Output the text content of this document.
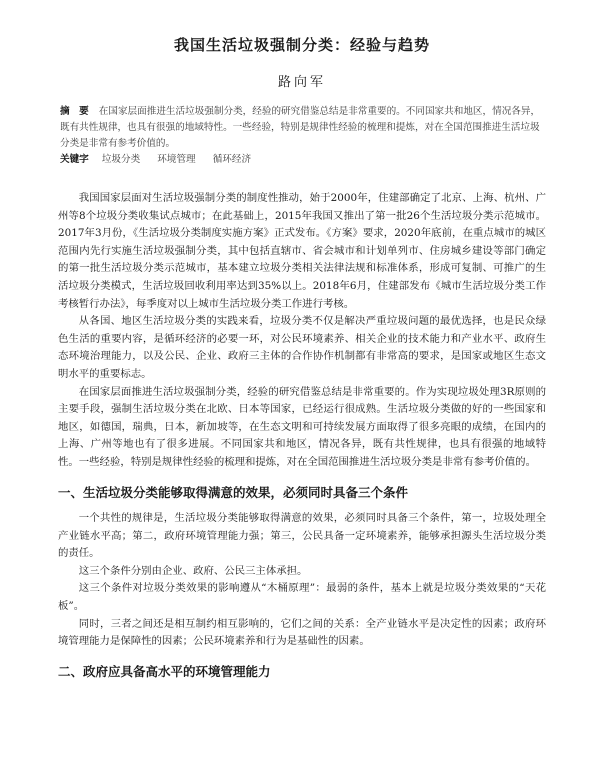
我国生活垃圾强制分类：经验与趋势
路向军
摘　要 在国家层面推进生活垃圾强制分类，经验的研究借鉴总结是非常重要的。不同国家共和地区，情况各异，既有共性规律，也具有很强的地域特性。一些经验，特别是规律性经验的梳理和提炼，对在全国范围推进生活垃圾分类是非常有参考价值的。
关键字 垃圾分类 环境管理 循环经济

我国国家层面对生活垃圾强制分类的制度性推动，始于2000年，住建部确定了北京、上海、杭州、广州等8个垃圾分类收集试点城市；在此基础上，2015年我国又推出了第一批26个生活垃圾分类示范城市。2017年3月份，《生活垃圾分类制度实施方案》正式发布。《方案》要求，2020年底前，在重点城市的城区范围内先行实施生活垃圾强制分类，其中包括直辖市、省会城市和计划单列市、住房城乡建设等部门确定的第一批生活垃圾分类示范城市，基本建立垃圾分类相关法律法规和标准体系，形成可复制、可推广的生活垃圾分类模式，生活垃圾回收利用率达到35%以上。2018年6月，住建部发布《城市生活垃圾分类工作考核暂行办法》，每季度对以上城市生活垃圾分类工作进行考核。

从各国、地区生活垃圾分类的实践来看，垃圾分类不仅是解决严重垃圾问题的最优选择，也是民众绿色生活的重要内容，是循环经济的必要一环，对公民环境素养、相关企业的技术能力和产业水平、政府生态环境治理能力，以及公民、企业、政府三主体的合作协作机制都有非常高的要求，是国家或地区生态文明水平的重要标志。

在国家层面推进生活垃圾强制分类，经验的研究借鉴总结是非常重要的。作为实现垃圾处理3R原则的主要手段，强制生活垃圾分类在北欧、日本等国家，已经运行很成熟。生活垃圾分类做的好的一些国家和地区，如德国，瑞典，日本，新加坡等，在生态文明和可持续发展方面取得了很多亮眼的成绩，在国内的上海、广州等地也有了很多进展。不同国家共和地区，情况各异，既有共性规律，也具有很强的地域特性。一些经验，特别是规律性经验的梳理和提炼，对在全国范围推进生活垃圾分类是非常有参考价值的。

一、生活垃圾分类能够取得满意的效果，必须同时具备三个条件

一个共性的规律是，生活垃圾分类能够取得满意的效果，必须同时具备三个条件，第一，垃圾处理全产业链水平高；第二，政府环境管理能力强；第三，公民具备一定环境素养，能够承担源头生活垃圾分类的责任。

这三个条件分别由企业、政府、公民三主体承担。

这三个条件对垃圾分类效果的影响遵从“木桶原理”：最弱的条件，基本上就是垃圾分类效果的“天花板”。

同时，三者之间还是相互制约相互影响的，它们之间的关系：全产业链水平是决定性的因素；政府环境管理能力是保障性的因素；公民环境素养和行为是基础性的因素。

二、政府应具备高水平的环境管理能力
